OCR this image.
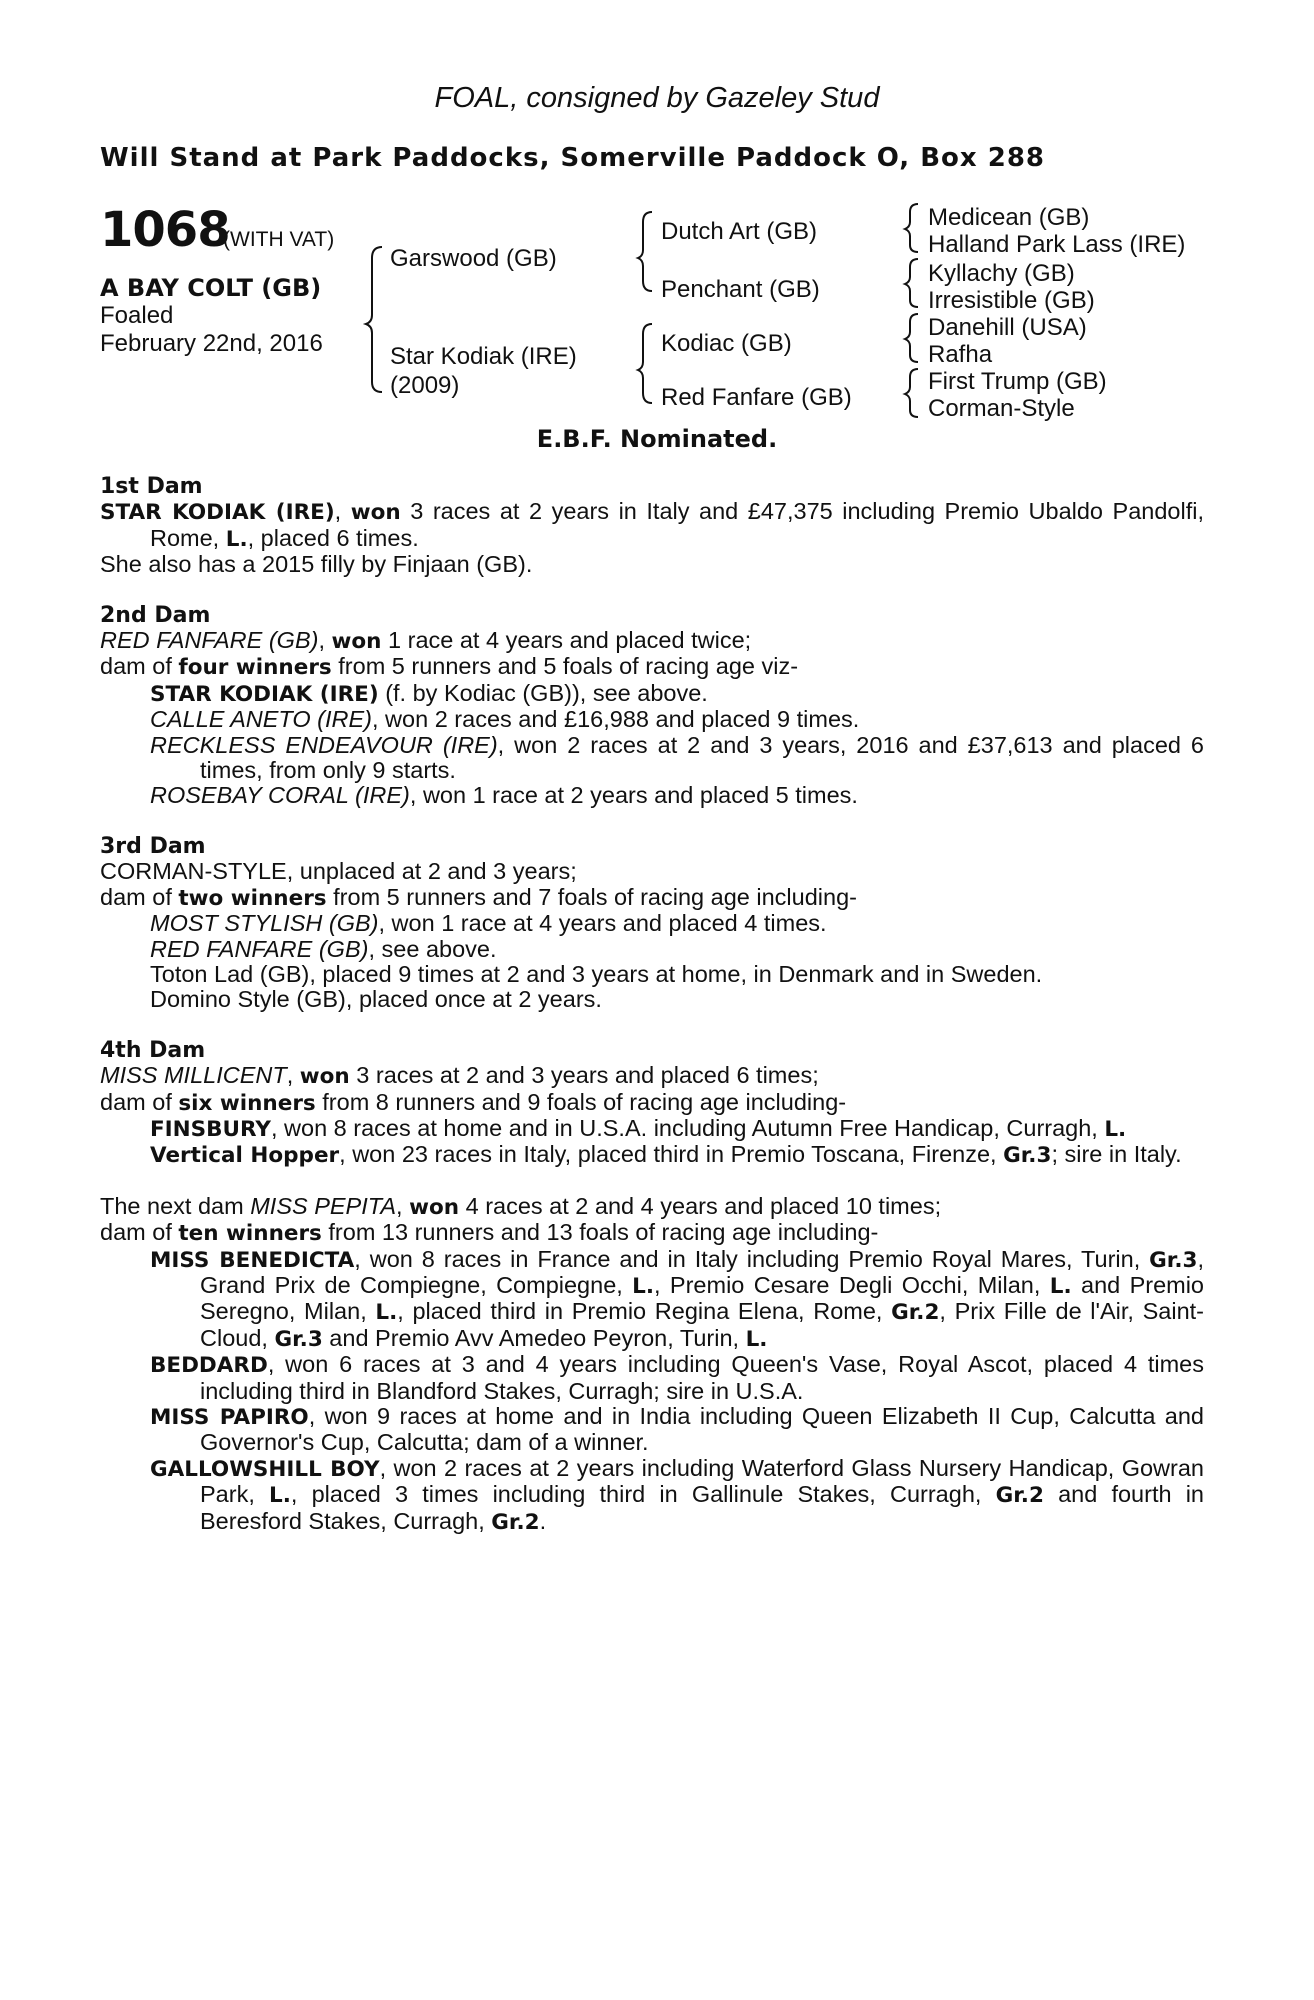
FOAL, consigned by Gazeley Stud
Will Stand at Park Paddocks, Somerville Paddock O, Box 288
1068
(WITH VAT)
A BAY COLT (GB)
Foaled
February 22nd, 2016
Garswood (GB)
Star Kodiak (IRE)
(2009)
Dutch Art (GB)
Penchant (GB)
Kodiac (GB)
Red Fanfare (GB)
Medicean (GB)
Halland Park Lass (IRE)
Kyllachy (GB)
Irresistible (GB)
Danehill (USA)
Rafha
First Trump (GB)
Corman-Style
E.B.F. Nominated.
1st Dam

STAR KODIAK (IRE), won 3 races at 2 years in Italy and £47,375 including Premio Ubaldo Pandolfi, Rome, L., placed 6 times.

She also has a 2015 filly by Finjaan (GB).

2nd Dam

RED FANFARE (GB), won 1 race at 4 years and placed twice;

dam of four winners from 5 runners and 5 foals of racing age viz-

STAR KODIAK (IRE) (f. by Kodiac (GB)), see above.

CALLE ANETO (IRE), won 2 races and £16,988 and placed 9 times.

RECKLESS ENDEAVOUR (IRE), won 2 races at 2 and 3 years, 2016 and £37,613 and placed 6 times, from only 9 starts.

ROSEBAY CORAL (IRE), won 1 race at 2 years and placed 5 times.

3rd Dam

CORMAN-STYLE, unplaced at 2 and 3 years;

dam of two winners from 5 runners and 7 foals of racing age including-

MOST STYLISH (GB), won 1 race at 4 years and placed 4 times.

RED FANFARE (GB), see above.

Toton Lad (GB), placed 9 times at 2 and 3 years at home, in Denmark and in Sweden.

Domino Style (GB), placed once at 2 years.

4th Dam

MISS MILLICENT, won 3 races at 2 and 3 years and placed 6 times;

dam of six winners from 8 runners and 9 foals of racing age including-

FINSBURY, won 8 races at home and in U.S.A. including Autumn Free Handicap, Curragh, L.

Vertical Hopper, won 23 races in Italy, placed third in Premio Toscana, Firenze, Gr.3; sire in Italy.

The next dam MISS PEPITA, won 4 races at 2 and 4 years and placed 10 times;

dam of ten winners from 13 runners and 13 foals of racing age including-

MISS BENEDICTA, won 8 races in France and in Italy including Premio Royal Mares, Turin, Gr.3, Grand Prix de Compiegne, Compiegne, L., Premio Cesare Degli Occhi, Milan, L. and Premio Seregno, Milan, L., placed third in Premio Regina Elena, Rome, Gr.2, Prix Fille de l'Air, Saint-Cloud, Gr.3 and Premio Avv Amedeo Peyron, Turin, L.

BEDDARD, won 6 races at 3 and 4 years including Queen's Vase, Royal Ascot, placed 4 times including third in Blandford Stakes, Curragh; sire in U.S.A.

MISS PAPIRO, won 9 races at home and in India including Queen Elizabeth II Cup, Calcutta and Governor's Cup, Calcutta; dam of a winner.

GALLOWSHILL BOY, won 2 races at 2 years including Waterford Glass Nursery Handicap, Gowran Park, L., placed 3 times including third in Gallinule Stakes, Curragh, Gr.2 and fourth in Beresford Stakes, Curragh, Gr.2.
